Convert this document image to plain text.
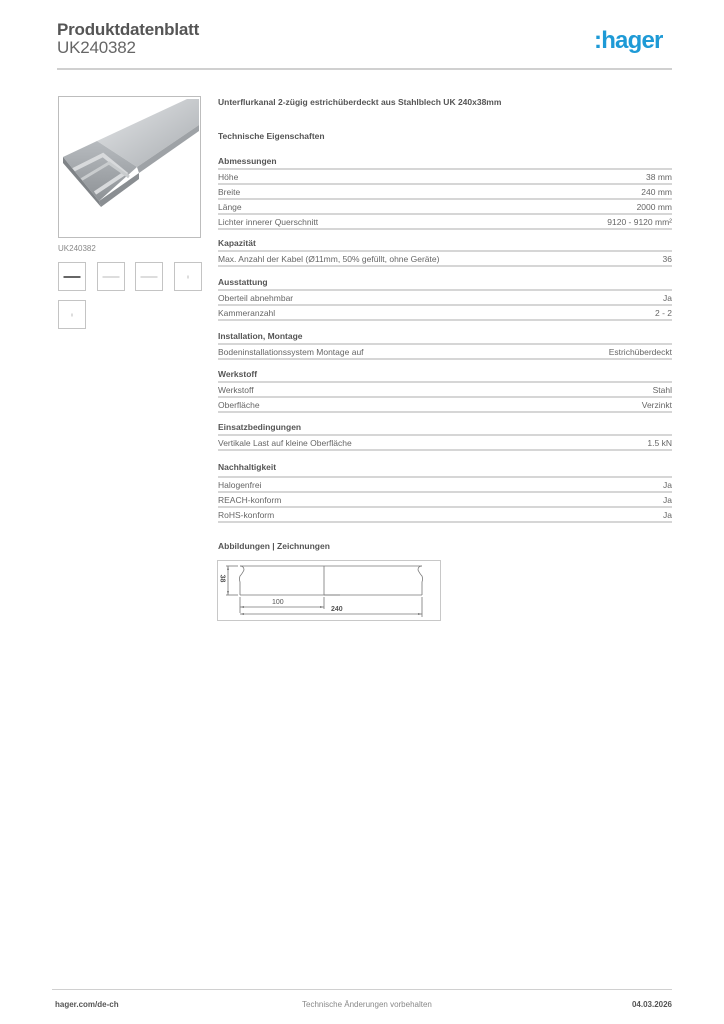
Produktdatenblatt
UK240382	:hager
UK240382
Unterflurkanal 2-zügig estrichüberdeckt aus Stahlblech UK 240x38mm
Technische Eigenschaften
Abmessungen
Höhe	38 mm
Breite	240 mm
Länge	2000 mm
Lichter innerer Querschnitt	9120 - 9120 mm²
Kapazität
Max. Anzahl der Kabel (Ø11mm, 50% gefüllt, ohne Geräte)	36
Ausstattung
Oberteil abnehmbar	Ja
Kammeranzahl	2 - 2
Installation, Montage
Bodeninstallationssystem Montage auf	Estrichüberdeckt
Werkstoff
Werkstoff	Stahl
Oberfläche	Verzinkt
Einsatzbedingungen
Vertikale Last auf kleine Oberfläche	1.5 kN
Nachhaltigkeit
Halogenfrei	Ja
REACH-konform	Ja
RoHS-konform	Ja
Abbildungen | Zeichnungen
38
100
240
hager.com/de-ch	Technische Änderungen vorbehalten	04.03.2026
